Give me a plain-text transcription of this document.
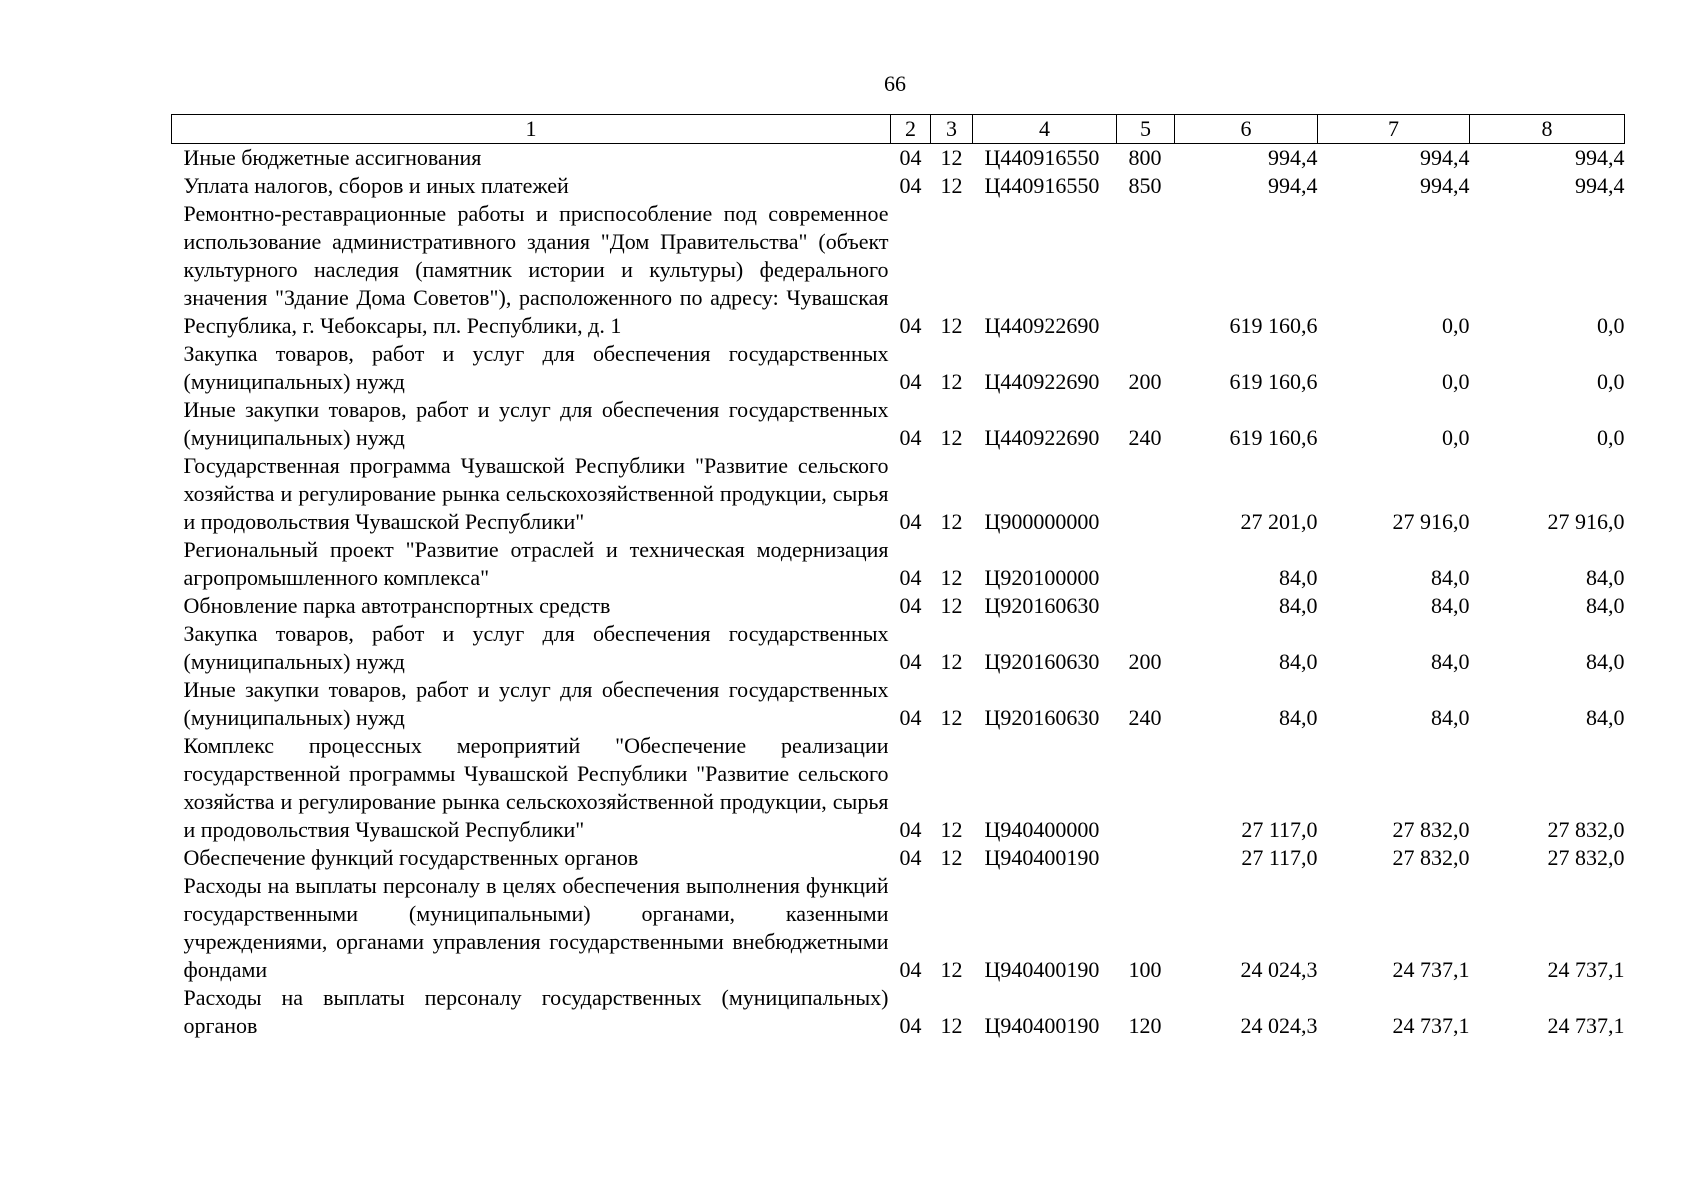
66
1	2	3	4	5	6	7	8
Иные бюджетные ассигнования	04	12	Ц440916550	800	994,4	994,4	994,4
Уплата налогов, сборов и иных платежей	04	12	Ц440916550	850	994,4	994,4	994,4
Ремонтно-реставрационные работы и приспособление под современное использование административного здания "Дом Правительства" (объект культурного наследия (памятник истории и культуры) федерального значения "Здание Дома Советов"), расположенного по адресу: Чувашская Республика, г. Чебоксары, пл. Республики, д. 1	04	12	Ц440922690		619 160,6	0,0	0,0
Закупка товаров, работ и услуг для обеспечения государственных (муниципальных) нужд	04	12	Ц440922690	200	619 160,6	0,0	0,0
Иные закупки товаров, работ и услуг для обеспечения государственных (муниципальных) нужд	04	12	Ц440922690	240	619 160,6	0,0	0,0
Государственная программа Чувашской Республики "Развитие сельского хозяйства и регулирование рынка сельскохозяйственной продукции, сырья и продовольствия Чувашской Республики"	04	12	Ц900000000		27 201,0	27 916,0	27 916,0
Региональный проект "Развитие отраслей и техническая модернизация агропромышленного комплекса"	04	12	Ц920100000		84,0	84,0	84,0
Обновление парка автотранспортных средств	04	12	Ц920160630		84,0	84,0	84,0
Закупка товаров, работ и услуг для обеспечения государственных (муниципальных) нужд	04	12	Ц920160630	200	84,0	84,0	84,0
Иные закупки товаров, работ и услуг для обеспечения государственных (муниципальных) нужд	04	12	Ц920160630	240	84,0	84,0	84,0
Комплекс процессных мероприятий "Обеспечение реализации государственной программы Чувашской Республики "Развитие сельского хозяйства и регулирование рынка сельскохозяйственной продукции, сырья и продовольствия Чувашской Республики"	04	12	Ц940400000		27 117,0	27 832,0	27 832,0
Обеспечение функций государственных органов	04	12	Ц940400190		27 117,0	27 832,0	27 832,0
Расходы на выплаты персоналу в целях обеспечения выполнения функций государственными (муниципальными) органами, казенными учреждениями, органами управления государственными внебюджетными фондами	04	12	Ц940400190	100	24 024,3	24 737,1	24 737,1
Расходы на выплаты персоналу государственных (муниципальных) органов	04	12	Ц940400190	120	24 024,3	24 737,1	24 737,1
